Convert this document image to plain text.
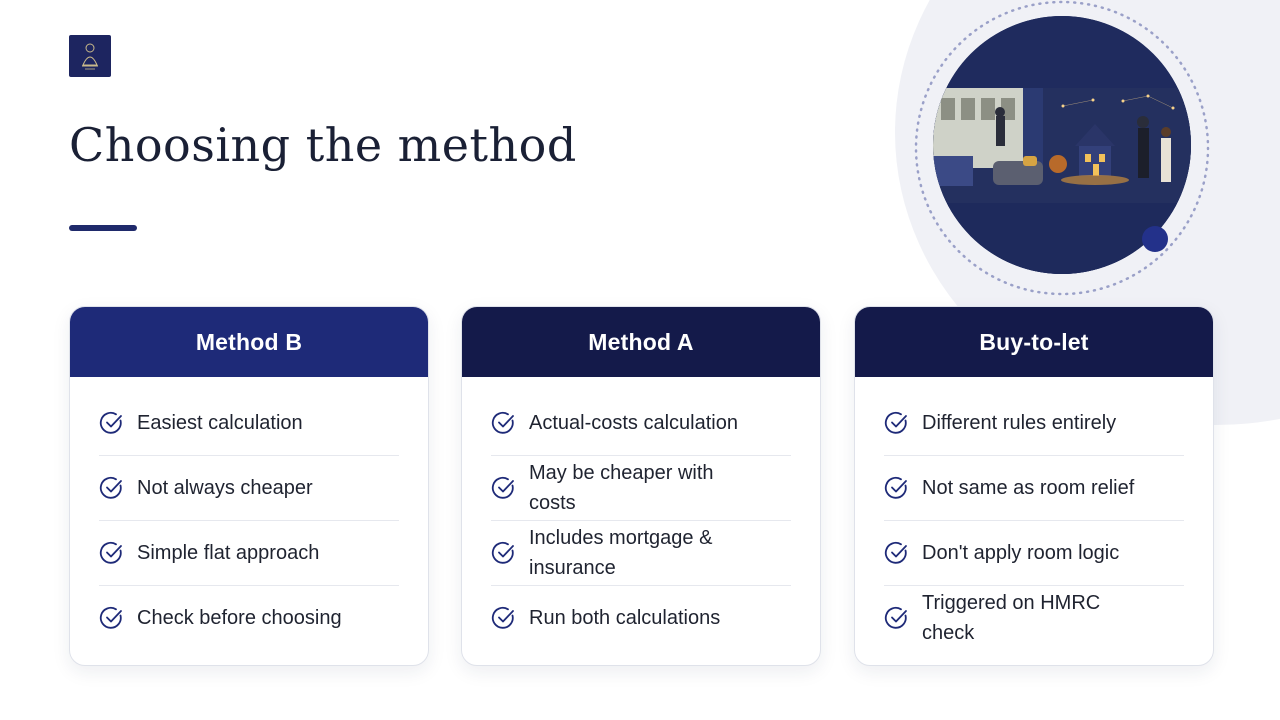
Choosing the method
Method B
Easiest calculation
Not always cheaper
Simple flat approach
Check before choosing
Method A
Actual-costs calculation
May be cheaper with costs
Includes mortgage & insurance
Run both calculations
Buy-to-let
Different rules entirely
Not same as room relief
Don't apply room logic
Triggered on HMRC check
